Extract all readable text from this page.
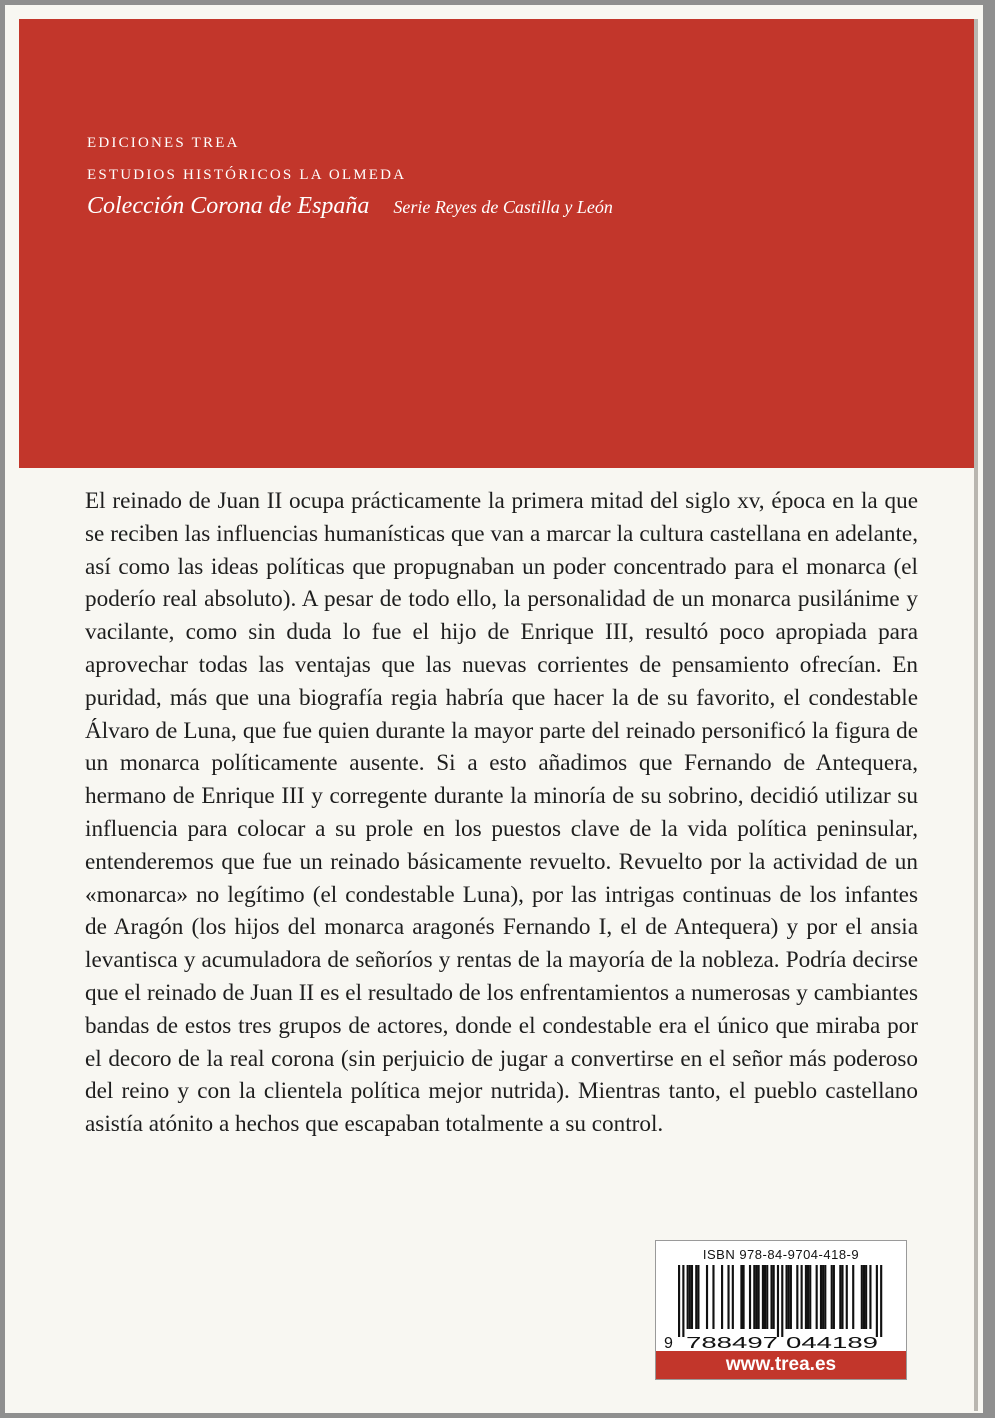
EDICIONES TREA
ESTUDIOS HISTÓRICOS LA OLMEDA
Colección Corona de España Serie Reyes de Castilla y León

El reinado de Juan II ocupa prácticamente la primera mitad del siglo xv, época en la que se reciben las influencias humanísticas que van a marcar la cultura castellana en adelante, así como las ideas políticas que propugnaban un poder concentrado para el monarca (el poderío real absoluto). A pesar de todo ello, la personalidad de un monarca pusilánime y vacilante, como sin duda lo fue el hijo de Enrique III, resultó poco apropiada para aprovechar todas las ventajas que las nuevas corrientes de pensamiento ofrecían. En puridad, más que una biografía regia habría que hacer la de su favorito, el condestable Álvaro de Luna, que fue quien durante la mayor parte del reinado personificó la figura de un monarca políticamente ausente. Si a esto añadimos que Fernando de Antequera, hermano de Enrique III y corregente durante la minoría de su sobrino, decidió utilizar su influencia para colocar a su prole en los puestos clave de la vida política peninsular, entenderemos que fue un reinado básicamente revuelto. Revuelto por la actividad de un «monarca» no legítimo (el condestable Luna), por las intrigas continuas de los infantes de Aragón (los hijos del monarca aragonés Fernando I, el de Antequera) y por el ansia levantisca y acumuladora de señoríos y rentas de la mayoría de la nobleza. Podría decirse que el reinado de Juan II es el resultado de los enfrentamientos a numerosas y cambiantes bandas de estos tres grupos de actores, donde el condestable era el único que miraba por el decoro de la real corona (sin perjuicio de jugar a convertirse en el señor más poderoso del reino y con la clientela política mejor nutrida). Mientras tanto, el pueblo castellano asistía atónito a hechos que escapaban totalmente a su control.

ISBN 978-84-9704-418-9
9 788497 044189
www.trea.es
